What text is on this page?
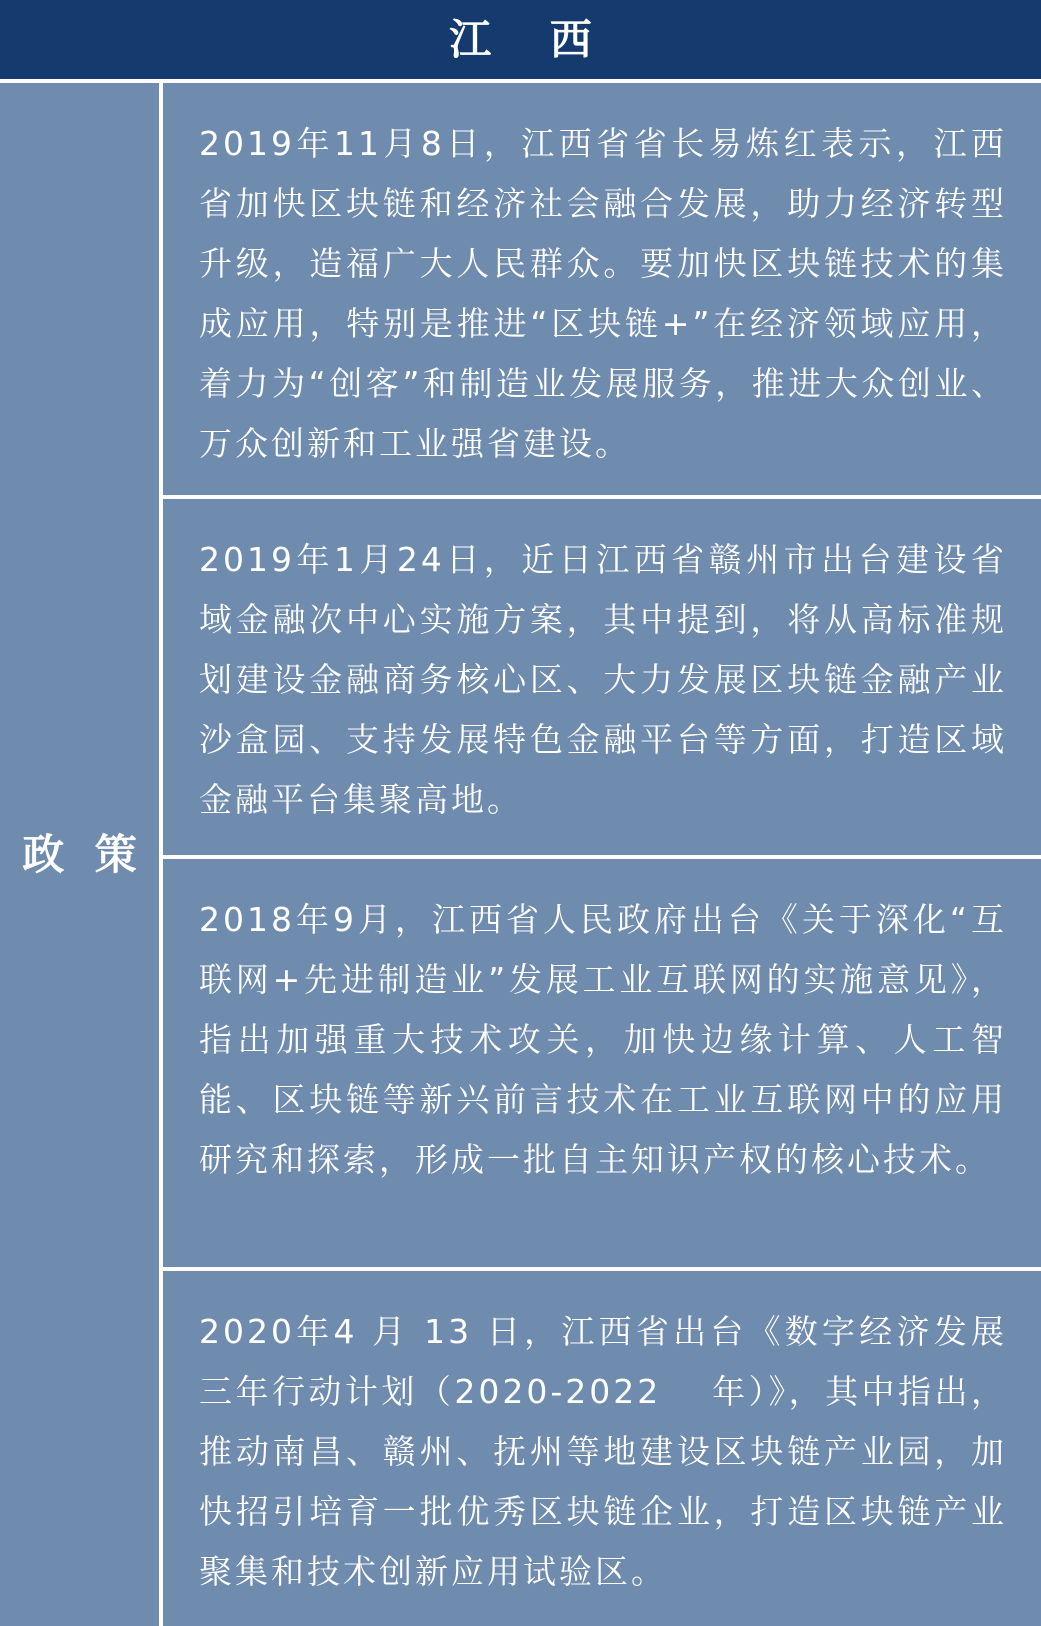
江 西
政 策

2019年11月8日，江西省省长易炼红表示，江西省加快区块链和经济社会融合发展，助力经济转型升级，造福广大人民群众。要加快区块链技术的集成应用，特别是推进“区块链+”在经济领域应用，着力为“创客”和制造业发展服务，推进大众创业、万众创新和工业强省建设。

2019年1月24日，近日江西省赣州市出台建设省域金融次中心实施方案，其中提到，将从高标准规划建设金融商务核心区、大力发展区块链金融产业沙盒园、支持发展特色金融平台等方面，打造区域金融平台集聚高地。

2018年9月，江西省人民政府出台《关于深化“互联网+先进制造业”发展工业互联网的实施意见》，指出加强重大技术攻关，加快边缘计算、人工智能、区块链等新兴前言技术在工业互联网中的应用研究和探索，形成一批自主知识产权的核心技术。

2020年4 月 13 日，江西省出台《数字经济发展三年行动计划（2020-2022　 年）》，其中指出，推动南昌、赣州、抚州等地建设区块链产业园，加快招引培育一批优秀区块链企业，打造区块链产业聚集和技术创新应用试验区。
